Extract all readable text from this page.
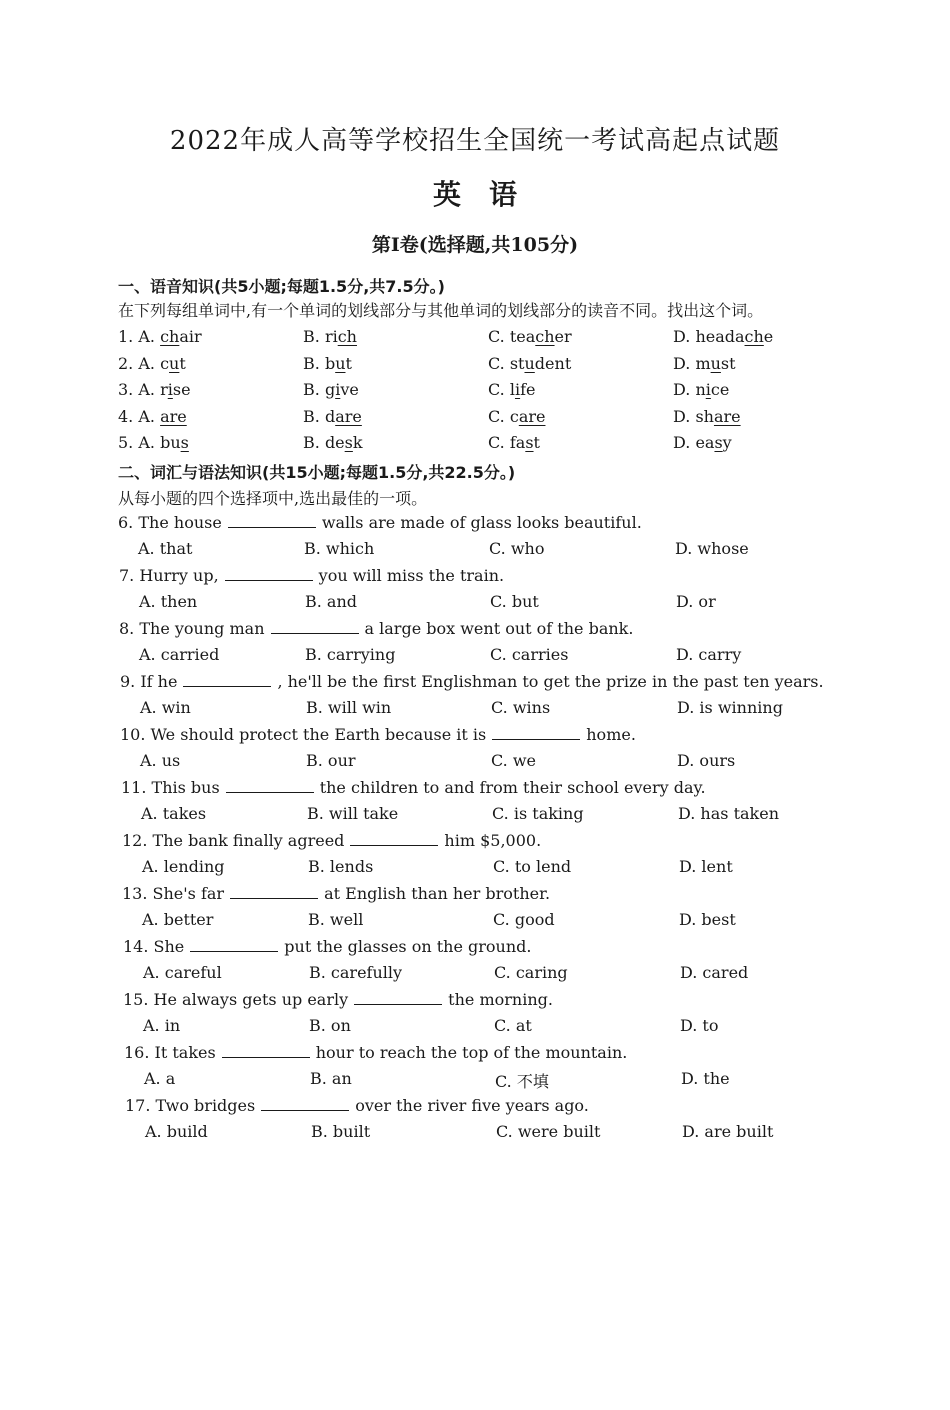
2022年成人高等学校招生全国统一考试高起点试题
英语
第Ⅰ卷(选择题,共105分)
一、语音知识(共5小题;每题1.5分,共7.5分。)
在下列每组单词中,有一个单词的划线部分与其他单词的划线部分的读音不同。找出这个词。
1. A. chair	B. rich	C. teacher	D. headache
2. A. cut	B. but	C. student	D. must
3. A. rise	B. give	C. life	D. nice
4. A. are	B. dare	C. care	D. share
5. A. bus	B. desk	C. fast	D. easy
二、词汇与语法知识(共15小题;每题1.5分,共22.5分。)
从每小题的四个选择项中,选出最佳的一项。
6. The house	walls are made of glass looks beautiful.
A. that	B. which	C. who	D. whose
7. Hurry up,	you will miss the train.
A. then	B. and	C. but	D. or
8. The young man	a large box went out of the bank.
A. carried	B. carrying	C. carries	D. carry
9. If he	, he'll be the first Englishman to get the prize in the past ten years.
A. win	B. will win	C. wins	D. is winning
10. We should protect the Earth because it is	home.
A. us	B. our	C. we	D. ours
11. This bus	the children to and from their school every day.
A. takes	B. will take	C. is taking	D. has taken
12. The bank finally agreed	him $5,000.
A. lending	B. lends	C. to lend	D. lent
13. She's far	at English than her brother.
A. better	B. well	C. good	D. best
14. She	put the glasses on the ground.
A. careful	B. carefully	C. caring	D. cared
15. He always gets up early	the morning.
A. in	B. on	C. at	D. to
16. It takes	hour to reach the top of the mountain.
A. a	B. an	C. 不填	D. the
17. Two bridges	over the river five years ago.
A. build	B. built	C. were built	D. are built
